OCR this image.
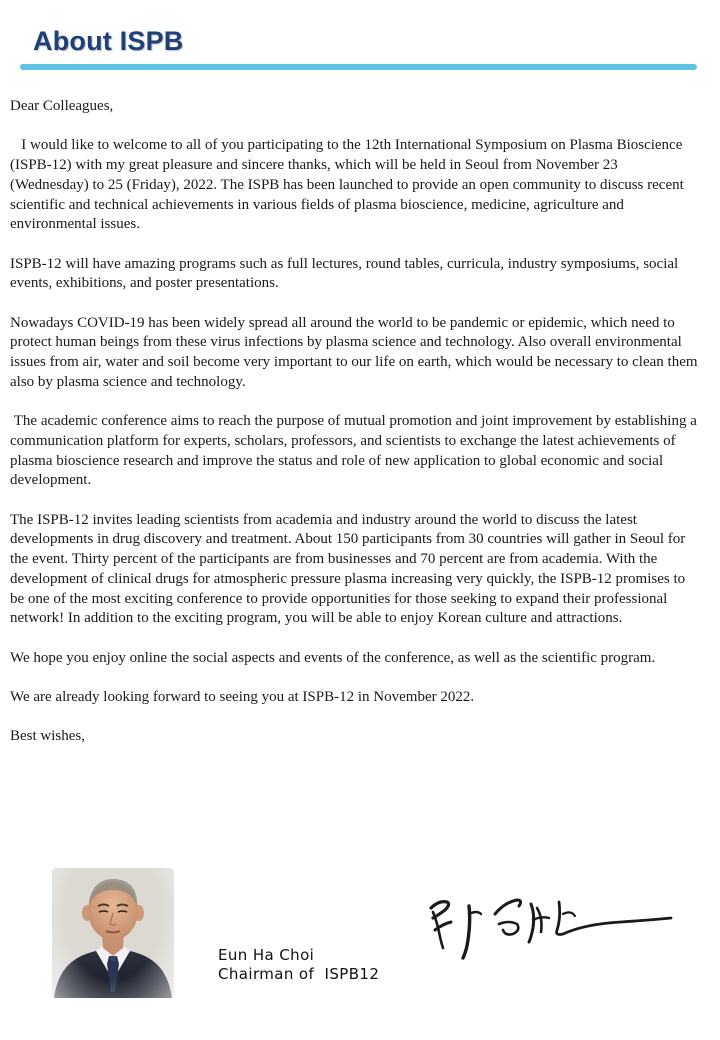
About ISPB

Dear Colleagues,

I would like to welcome to all of you participating to the 12th International Symposium on Plasma Bioscience (ISPB-12) with my great pleasure and sincere thanks, which will be held in Seoul from November 23 (Wednesday) to 25 (Friday), 2022. The ISPB has been launched to provide an open community to discuss recent scientific and technical achievements in various fields of plasma bioscience, medicine, agriculture and environmental issues.

ISPB-12 will have amazing programs such as full lectures, round tables, curricula, industry symposiums, social events, exhibitions, and poster presentations.

Nowadays COVID-19 has been widely spread all around the world to be pandemic or epidemic, which need to protect human beings from these virus infections by plasma science and technology. Also overall environmental issues from air, water and soil become very important to our life on earth, which would be necessary to clean them also by plasma science and technology.

The academic conference aims to reach the purpose of mutual promotion and joint improvement by establishing a communication platform for experts, scholars, professors, and scientists to exchange the latest achievements of plasma bioscience research and improve the status and role of new application to global economic and social development.

The ISPB-12 invites leading scientists from academia and industry around the world to discuss the latest developments in drug discovery and treatment. About 150 participants from 30 countries will gather in Seoul for the event. Thirty percent of the participants are from businesses and 70 percent are from academia. With the development of clinical drugs for atmospheric pressure plasma increasing very quickly, the ISPB-12 promises to be one of the most exciting conference to provide opportunities for those seeking to expand their professional network! In addition to the exciting program, you will be able to enjoy Korean culture and attractions.

We hope you enjoy online the social aspects and events of the conference, as well as the scientific program.

We are already looking forward to seeing you at ISPB-12 in November 2022.

Best wishes,

Eun Ha Choi
Chairman of  ISPB12
